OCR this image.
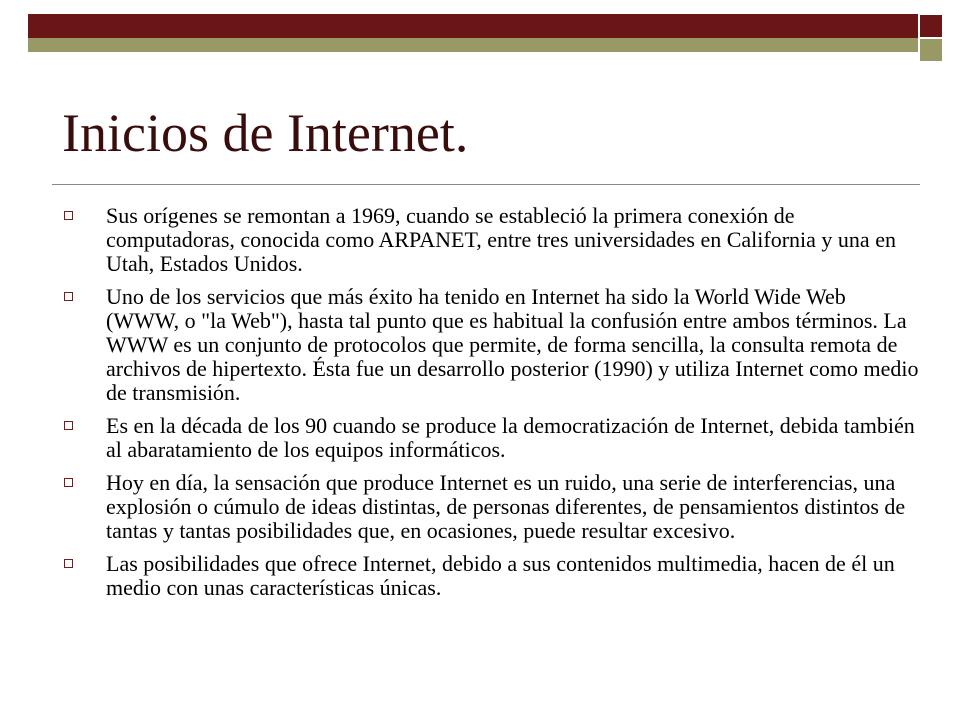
Inicios de Internet.
Sus orígenes se remontan a 1969, cuando se estableció la primera conexión de computadoras, conocida como ARPANET, entre tres universidades en California y una en Utah, Estados Unidos.
Uno de los servicios que más éxito ha tenido en Internet ha sido la World Wide Web (WWW, o "la Web"), hasta tal punto que es habitual la confusión entre ambos términos. La WWW es un conjunto de protocolos que permite, de forma sencilla, la consulta remota de archivos de hipertexto. Ésta fue un desarrollo posterior (1990) y utiliza Internet como medio de transmisión.
Es en la década de los 90 cuando se produce la democratización de Internet, debida también al abaratamiento de los equipos informáticos.
Hoy en día, la sensación que produce Internet es un ruido, una serie de interferencias, una explosión o cúmulo de ideas distintas, de personas diferentes, de pensamientos distintos de tantas y tantas posibilidades que, en ocasiones, puede resultar excesivo.
Las posibilidades que ofrece Internet, debido a sus contenidos multimedia, hacen de él un medio con unas características únicas.
